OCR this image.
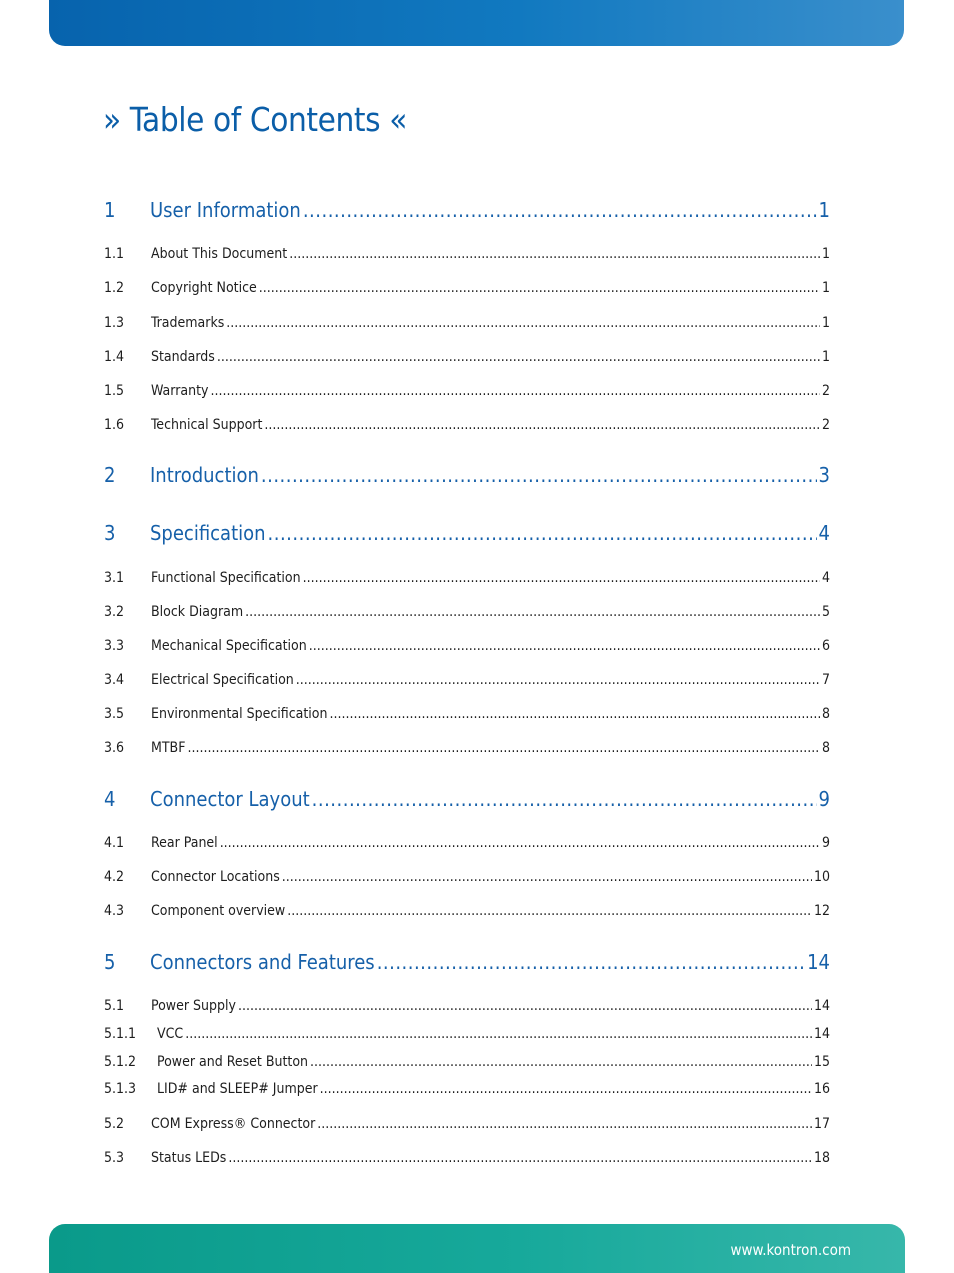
» Table of Contents «
1	User Information .....	1
1.1	About This Document .....	1
1.2	Copyright Notice .....	1
1.3	Trademarks .....	1
1.4	Standards .....	1
1.5	Warranty .....	2
1.6	Technical Support .....	2
2	Introduction .....	3
3	Specification .....	4
3.1	Functional Specification .....	4
3.2	Block Diagram .....	5
3.3	Mechanical Specification .....	6
3.4	Electrical Specification .....	7
3.5	Environmental Specification .....	8
3.6	MTBF .....	8
4	Connector Layout .....	9
4.1	Rear Panel .....	9
4.2	Connector Locations .....	10
4.3	Component overview .....	12
5	Connectors and Features .....	14
5.1	Power Supply .....	14
5.1.1	VCC .....	14
5.1.2	Power and Reset Button .....	15
5.1.3	LID# and SLEEP# Jumper .....	16
5.2	COM Express® Connector .....	17
5.3	Status LEDs .....	18
www.kontron.com
